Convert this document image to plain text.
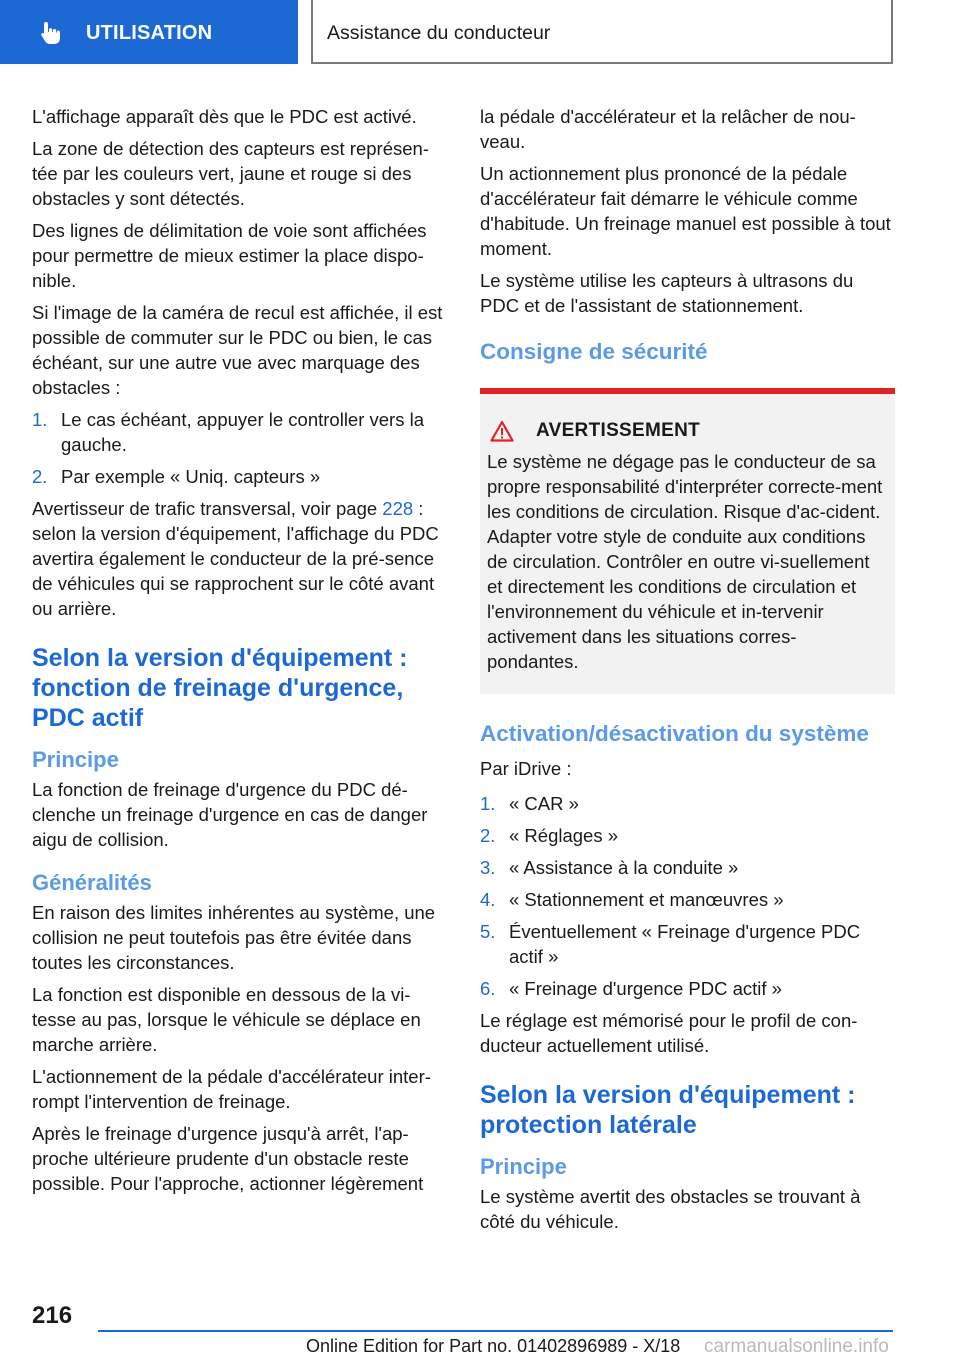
UTILISATION	Assistance du conducteur

L'affichage apparaît dès que le PDC est activé.

La zone de détection des capteurs est représen-tée par les couleurs vert, jaune et rouge si des obstacles y sont détectés.

Des lignes de délimitation de voie sont affichées pour permettre de mieux estimer la place dispo-nible.

Si l'image de la caméra de recul est affichée, il est possible de commuter sur le PDC ou bien, le cas échéant, sur une autre vue avec marquage des obstacles :

1. Le cas échéant, appuyer le controller vers la gauche.
2. Par exemple « Uniq. capteurs »

Avertisseur de trafic transversal, voir page 228 : selon la version d'équipement, l'affichage du PDC avertira également le conducteur de la pré-sence de véhicules qui se rapprochent sur le côté avant ou arrière.

Selon la version d'équipement : fonction de freinage d'urgence, PDC actif
Principe

La fonction de freinage d'urgence du PDC dé-clenche un freinage d'urgence en cas de danger aigu de collision.

Généralités

En raison des limites inhérentes au système, une collision ne peut toutefois pas être évitée dans toutes les circonstances.

La fonction est disponible en dessous de la vi-tesse au pas, lorsque le véhicule se déplace en marche arrière.

L'actionnement de la pédale d'accélérateur inter-rompt l'intervention de freinage.

Après le freinage d'urgence jusqu'à arrêt, l'ap-proche ultérieure prudente d'un obstacle reste possible. Pour l'approche, actionner légèrement

la pédale d'accélérateur et la relâcher de nou-veau.

Un actionnement plus prononcé de la pédale d'accélérateur fait démarre le véhicule comme d'habitude. Un freinage manuel est possible à tout moment.

Le système utilise les capteurs à ultrasons du PDC et de l'assistant de stationnement.

Consigne de sécurité
AVERTISSEMENT
Le système ne dégage pas le conducteur de sa propre responsabilité d'interpréter correcte-ment les conditions de circulation. Risque d'ac-cident. Adapter votre style de conduite aux conditions de circulation. Contrôler en outre vi-suellement et directement les conditions de circulation et l'environnement du véhicule et in-tervenir activement dans les situations corres-pondantes.
Activation/désactivation du système

Par iDrive :

1. « CAR »
2. « Réglages »
3. « Assistance à la conduite »
4. « Stationnement et manœuvres »
5. Éventuellement « Freinage d'urgence PDC actif »
6. « Freinage d'urgence PDC actif »

Le réglage est mémorisé pour le profil de con-ducteur actuellement utilisé.

Selon la version d'équipement : protection latérale
Principe

Le système avertit des obstacles se trouvant à côté du véhicule.

216
Online Edition for Part no. 01402896989 - X/18 carmanualsonline.info
